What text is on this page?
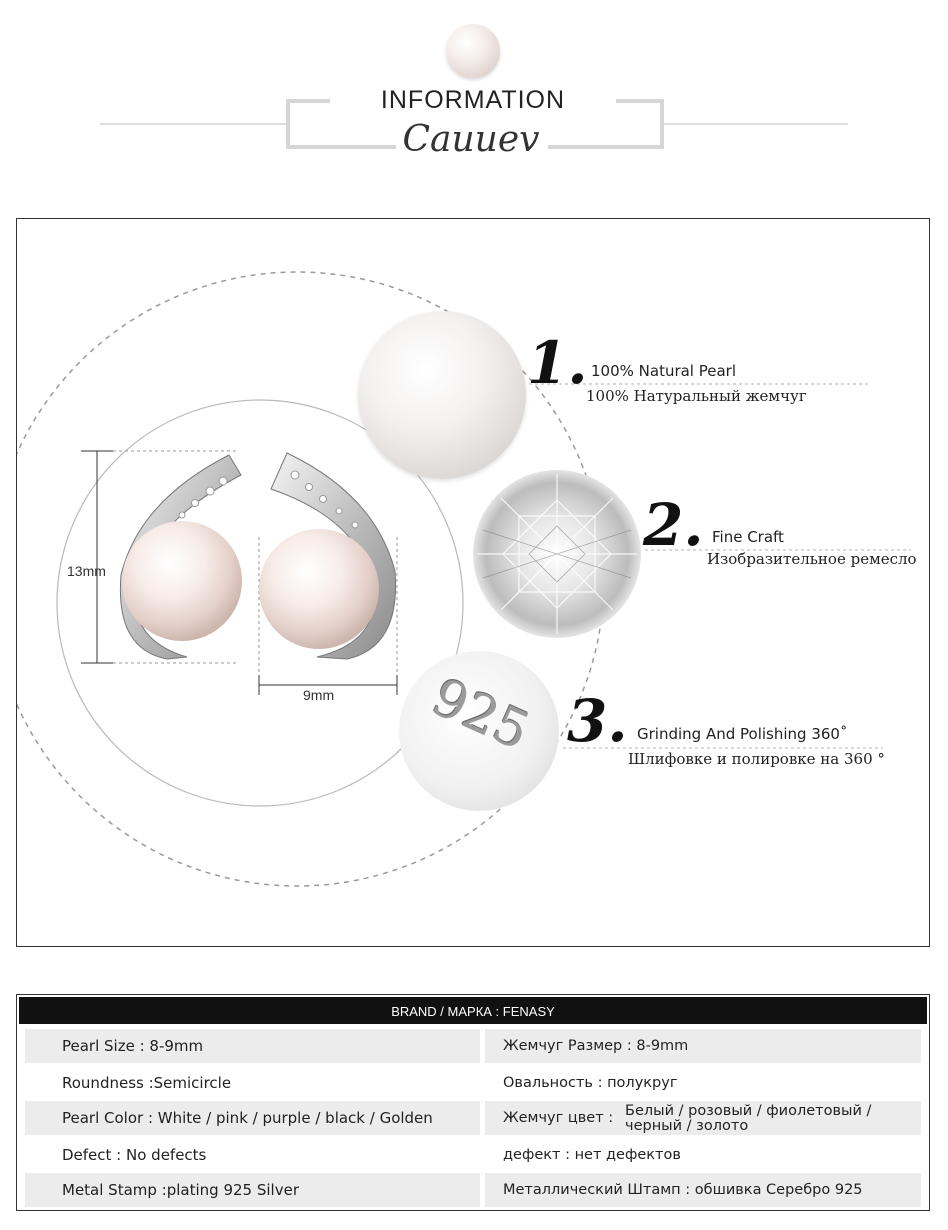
INFORMATION
Cauuev
13mm
9mm 925
1. 100% Natural Pearl
100% Натуральный жемчуг
2. Fine Craft
Изобразительное ремесло
3. Grinding And Polishing 360˚
Шлифовке и полировке на 360 °
BRAND / МАРКА : FENASY
Pearl Size : 8-9mm	Жемчуг Размер : 8-9mm
Roundness :Semicircle	Овальность : полукруг
Pearl Color : White / pink / purple / black / Golden	Жемчуг цвет : Белый / розовый / фиолетовый / черный / золото
Defect : No defects	дефект : нет дефектов
Metal Stamp :plating 925 Silver	Металлический Штамп : обшивка Серебро 925
